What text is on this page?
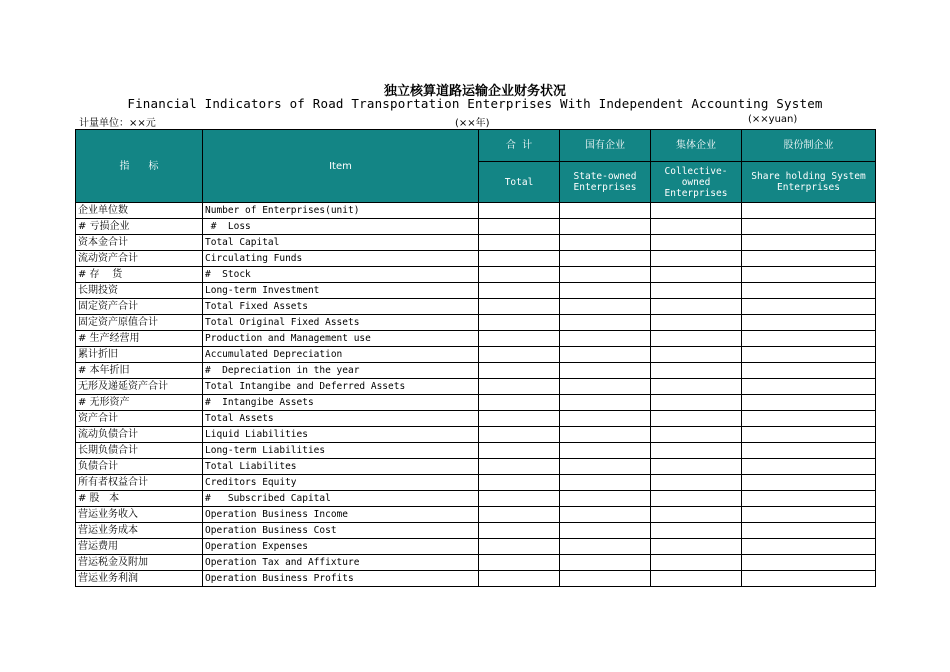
独立核算道路运输企业财务状况
Financial Indicators of Road Transportation Enterprises With Independent Accounting System
计量单位：××元	(××年)	(××yuan)
指      标	Item	合  计	国有企业	集体企业	股份制企业
		Total	State-owned Enterprises	Collective-owned Enterprises	Share holding System Enterprises
企业单位数	Number of Enterprises(unit)				
# 亏损企业	#  Loss				
资本金合计	Total Capital				
流动资产合计	Circulating Funds				
# 存    货	#  Stock				
长期投资	Long-term Investment				
固定资产合计	Total Fixed Assets				
固定资产原值合计	Total Original Fixed Assets				
# 生产经营用	Production and Management use				
累计折旧	Accumulated Depreciation				
# 本年折旧	#  Depreciation in the year				
无形及递延资产合计	Total Intangibe and Deferred Assets				
# 无形资产	#  Intangibe Assets				
资产合计	Total Assets				
流动负债合计	Liquid Liabilities				
长期负债合计	Long-term Liabilities				
负债合计	Total Liabilites				
所有者权益合计	Creditors Equity				
# 股   本	#   Subscribed Capital				
营运业务收入	Operation Business Income				
营运业务成本	Operation Business Cost				
营运费用	Operation Expenses				
营运税金及附加	Operation Tax and Affixture				
营运业务利润	Operation Business Profits				
